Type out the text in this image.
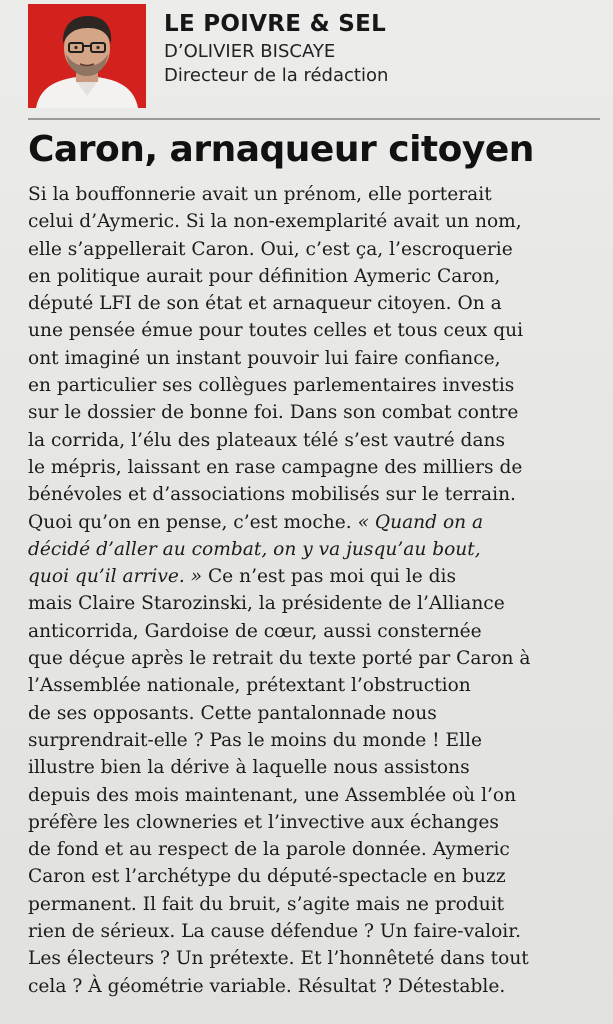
LE POIVRE & SEL
D’OLIVIER BISCAYE
Directeur de la rédaction
Caron, arnaqueur citoyen
Si la bouffonnerie avait un prénom, elle porterait
celui d’Aymeric. Si la non-exemplarité avait un nom,
elle s’appellerait Caron. Oui, c’est ça, l’escroquerie
en politique aurait pour définition Aymeric Caron,
député LFI de son état et arnaqueur citoyen. On a
une pensée émue pour toutes celles et tous ceux qui
ont imaginé un instant pouvoir lui faire confiance,
en particulier ses collègues parlementaires investis
sur le dossier de bonne foi. Dans son combat contre
la corrida, l’élu des plateaux télé s’est vautré dans
le mépris, laissant en rase campagne des milliers de
bénévoles et d’associations mobilisés sur le terrain.
Quoi qu’on en pense, c’est moche. « Quand on a
décidé d’aller au combat, on y va jusqu’au bout,
quoi qu’il arrive. » Ce n’est pas moi qui le dis
mais Claire Starozinski, la présidente de l’Alliance
anticorrida, Gardoise de cœur, aussi consternée
que déçue après le retrait du texte porté par Caron à
l’Assemblée nationale, prétextant l’obstruction
de ses opposants. Cette pantalonnade nous
surprendrait-elle ? Pas le moins du monde ! Elle
illustre bien la dérive à laquelle nous assistons
depuis des mois maintenant, une Assemblée où l’on
préfère les clowneries et l’invective aux échanges
de fond et au respect de la parole donnée. Aymeric
Caron est l’archétype du député-spectacle en buzz
permanent. Il fait du bruit, s’agite mais ne produit
rien de sérieux. La cause défendue ? Un faire-valoir.
Les électeurs ? Un prétexte. Et l’honnêteté dans tout
cela ? À géométrie variable. Résultat ? Détestable.
